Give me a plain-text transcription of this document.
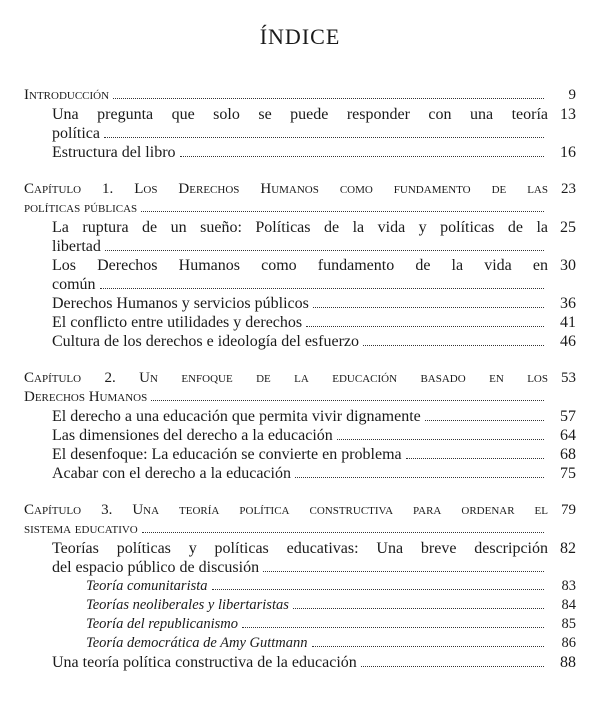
ÍNDICE
Introducción	9
Una pregunta que solo se puede responder con una teoría
política
13
Estructura del libro	16
Capítulo 1. Los Derechos Humanos como fundamento de las
políticas públicas
23
La ruptura de un sueño: Políticas de la vida y políticas de la
libertad
25
Los Derechos Humanos como fundamento de la vida en
común
30
Derechos Humanos y servicios públicos	36
El conflicto entre utilidades y derechos	41
Cultura de los derechos e ideología del esfuerzo	46
Capítulo 2. Un enfoque de la educación basado en los
Derechos Humanos
53
El derecho a una educación que permita vivir dignamente	57
Las dimensiones del derecho a la educación	64
El desenfoque: La educación se convierte en problema	68
Acabar con el derecho a la educación	75
Capítulo 3. Una teoría política constructiva para ordenar el
sistema educativo
79
Teorías políticas y políticas educativas: Una breve descripción
del espacio público de discusión
82
Teoría comunitarista	83
Teorías neoliberales y libertaristas	84
Teoría del republicanismo	85
Teoría democrática de Amy Guttmann	86
Una teoría política constructiva de la educación	88
